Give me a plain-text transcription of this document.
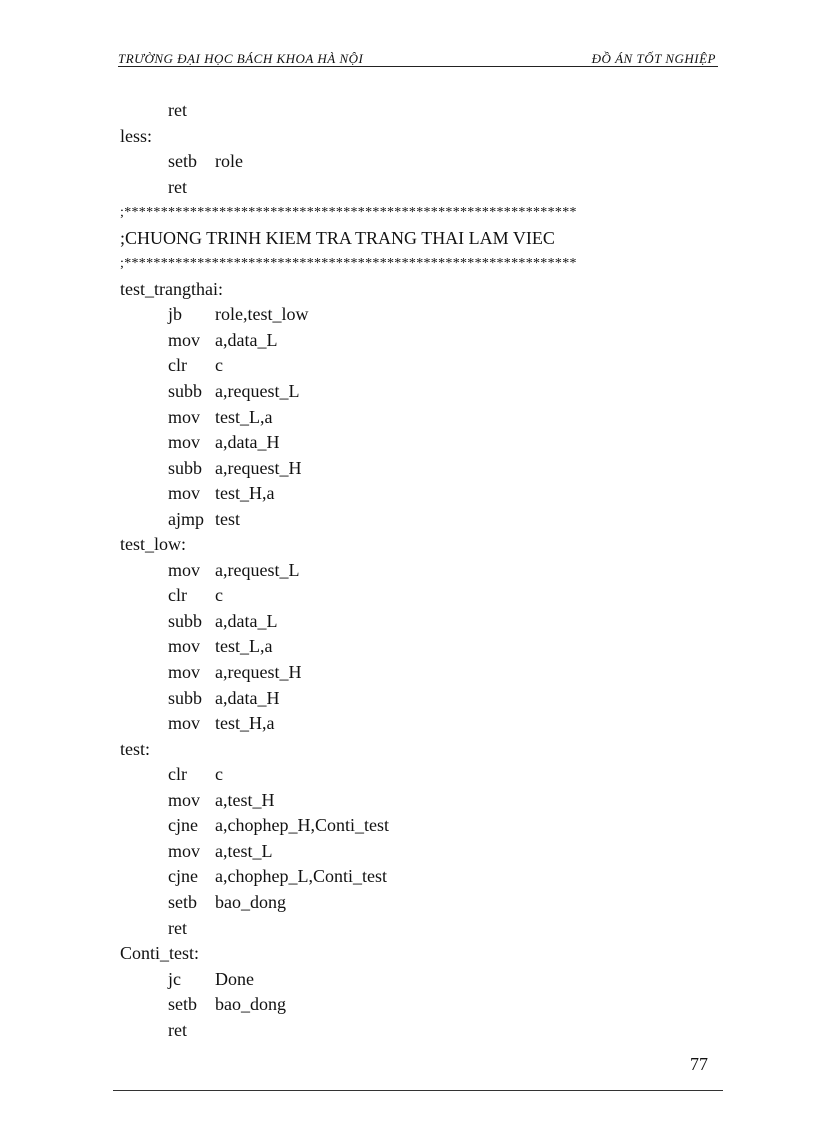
TRƯỜNG ĐẠI HỌC BÁCH KHOA HÀ NỘI	ĐỒ ÁN TỐT NGHIỆP
ret
less:
setb role
ret
;**************************************************************
;CHUONG TRINH KIEM TRA TRANG THAI LAM VIEC
;**************************************************************
test_trangthai:
jb role,test_low
mov a,data_L
clr c
subb a,request_L
mov test_L,a
mov a,data_H
subb a,request_H
mov test_H,a
ajmp test
test_low:
mov a,request_L
clr c
subb a,data_L
mov test_L,a
mov a,request_H
subb a,data_H
mov test_H,a
test:
clr c
mov a,test_H
cjne a,chophep_H,Conti_test
mov a,test_L
cjne a,chophep_L,Conti_test
setb bao_dong
ret
Conti_test:
jc Done
setb bao_dong
ret
77
